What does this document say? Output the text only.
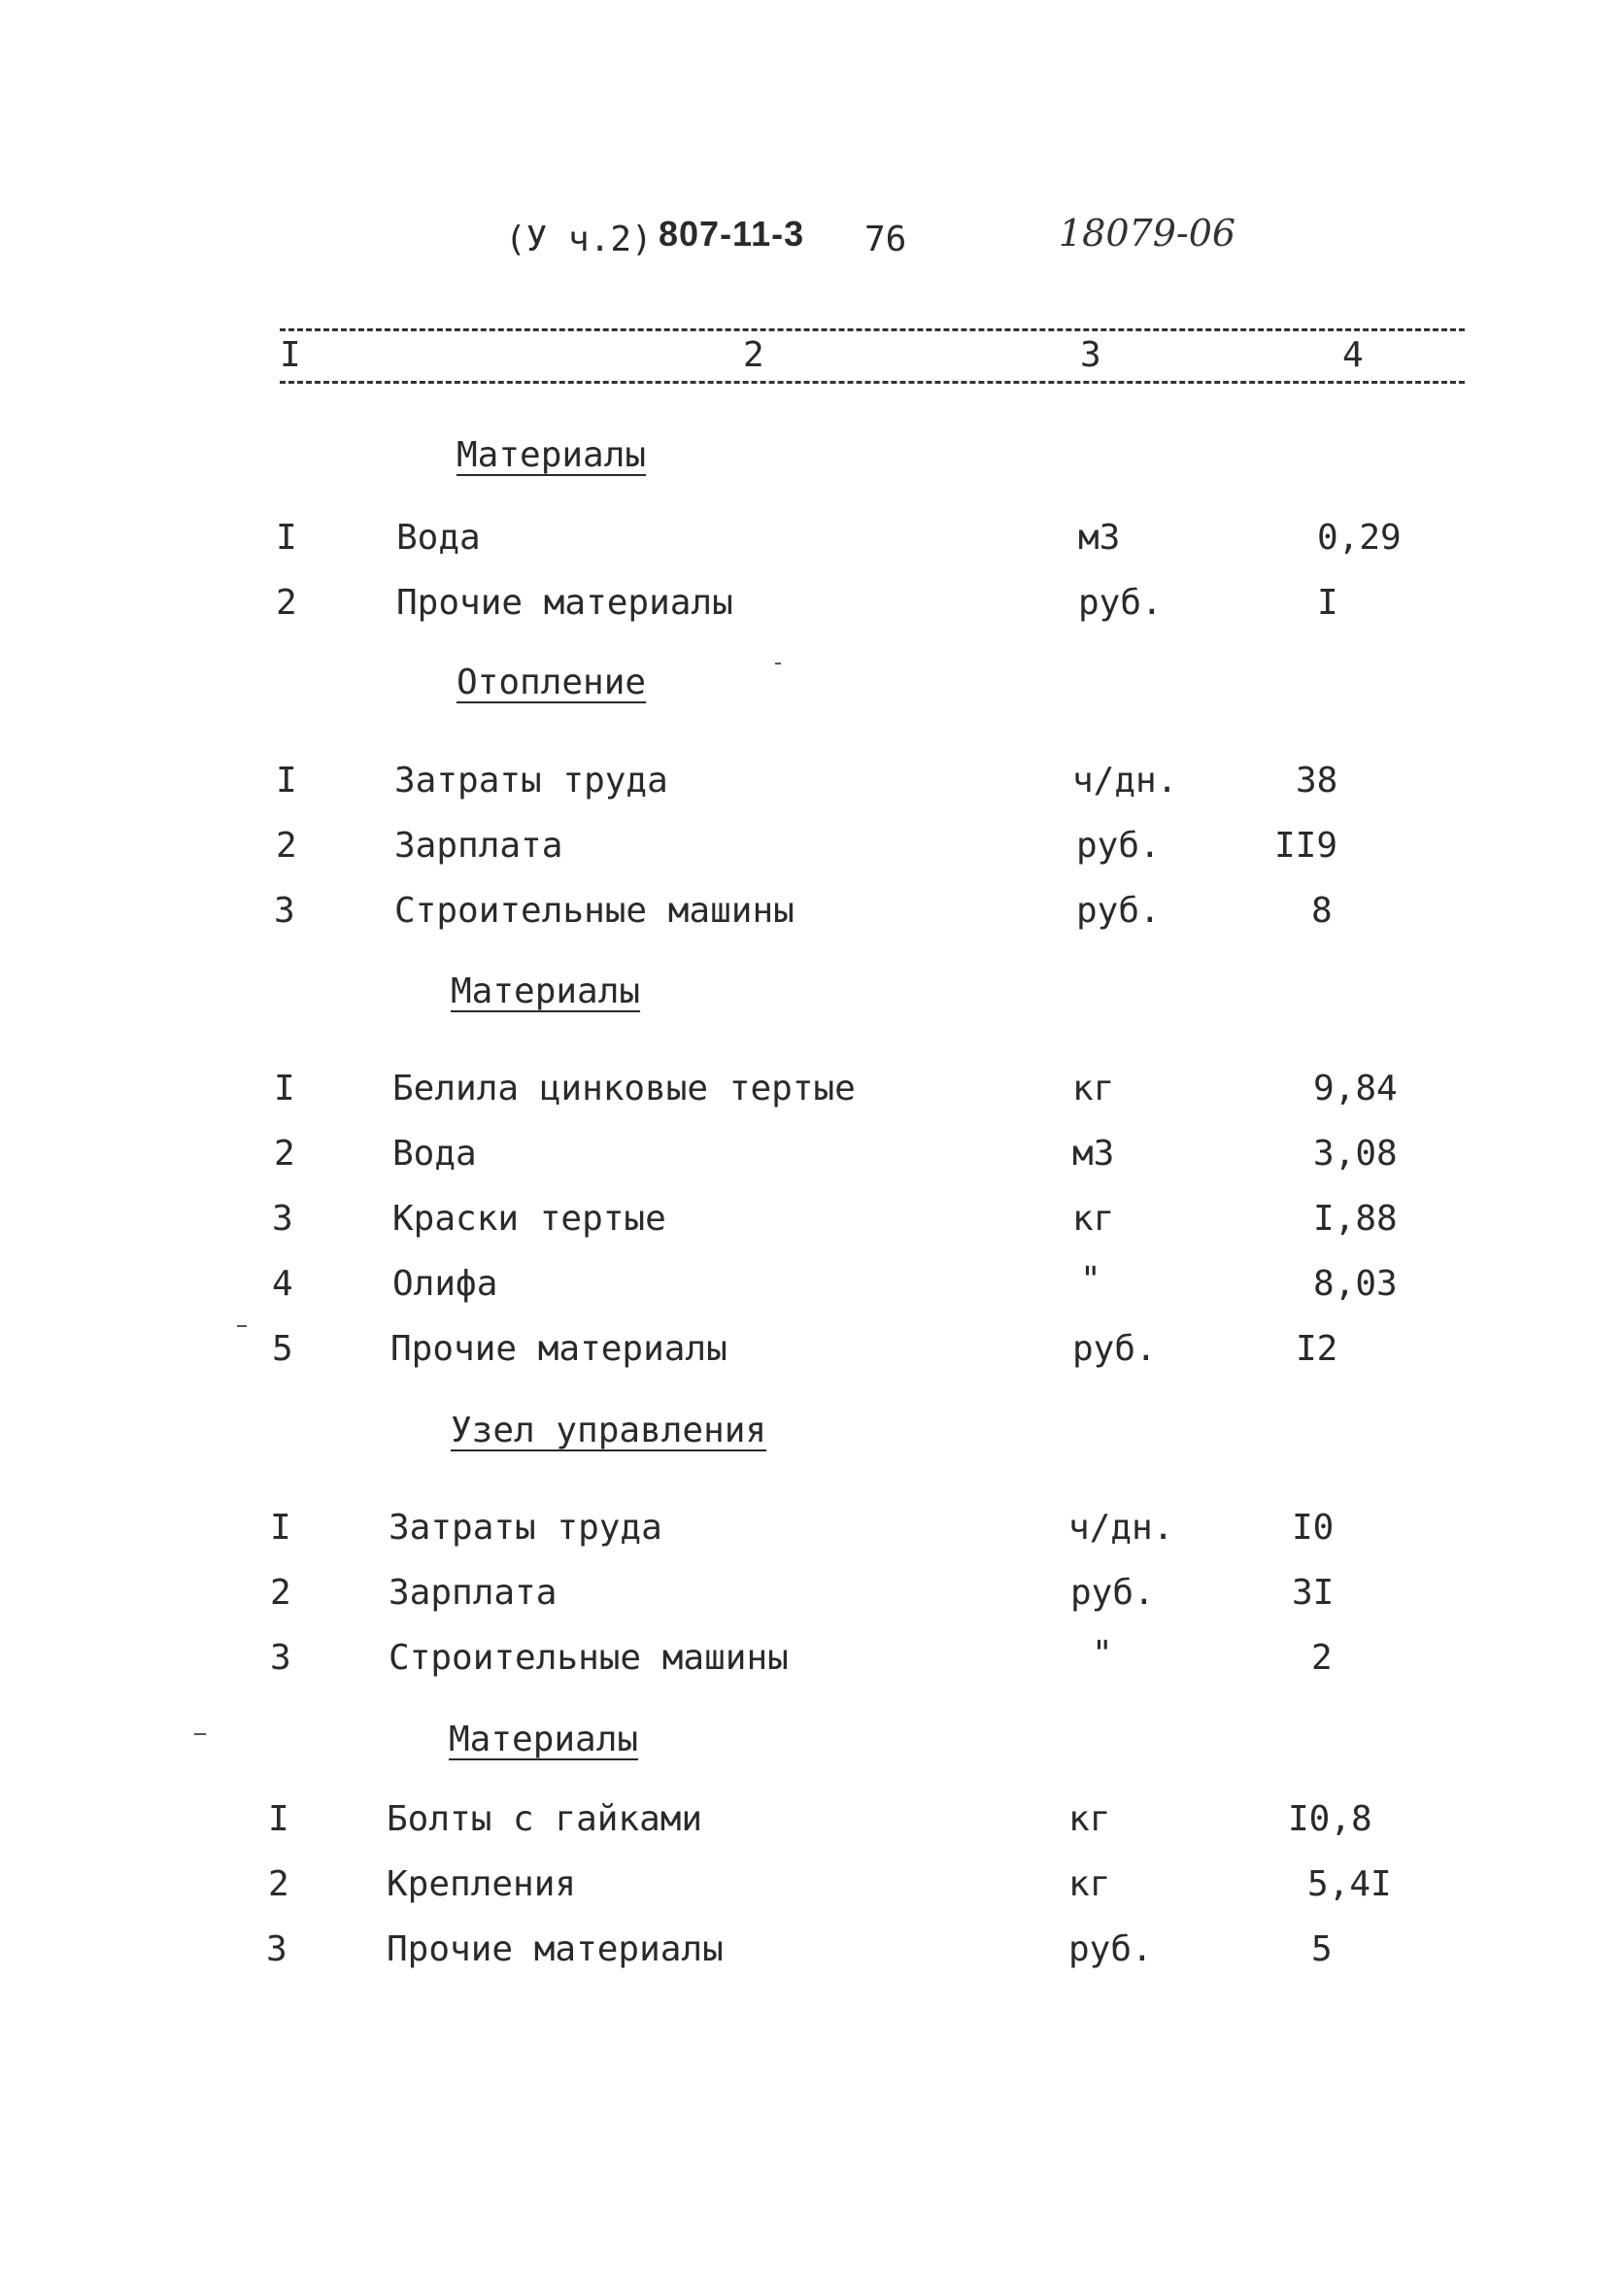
(У ч.2) 807-11-3 76	18079-06
I	2	3	4
Материалы
I	Вода	м3	0,29
2	Прочие материалы	руб.	I
Отопление
I	Затраты труда	ч/дн.	38
2	Зарплата	руб.	II9
3	Строительные машины	руб.	8
Материалы
I	Белила цинковые тертые	кг	9,84
2	Вода	м3	3,08
3	Краски тертые	кг	I,88
4	Олифа	"	8,03
5	Прочие материалы	руб.	I2
Узел управления
I	Затраты труда	ч/дн.	I0
2	Зарплата	руб.	3I
3	Строительные машины	"	2
Материалы
I	Болты с гайками	кг	I0,8
2	Крепления	кг	5,4I
3	Прочие материалы	руб.	5
